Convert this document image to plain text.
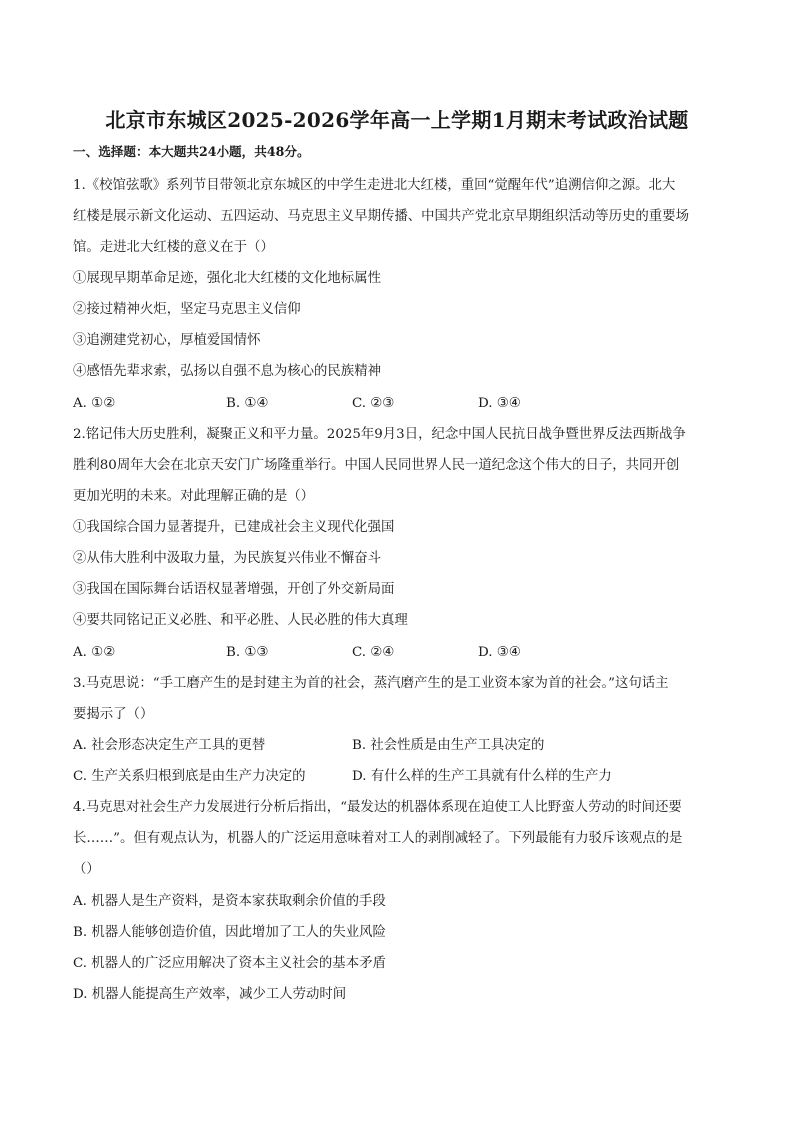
北京市东城区2025-2026学年高一上学期1月期末考试政治试题
一、选择题：本大题共24小题，共48分。
1.《校馆弦歌》系列节目带领北京东城区的中学生走进北大红楼，重回“觉醒年代”追溯信仰之源。北大
红楼是展示新文化运动、五四运动、马克思主义早期传播、中国共产党北京早期组织活动等历史的重要场
馆。走进北大红楼的意义在于（）
①展现早期革命足迹，强化北大红楼的文化地标属性
②接过精神火炬，坚定马克思主义信仰
③追溯建党初心，厚植爱国情怀
④感悟先辈求索，弘扬以自强不息为核心的民族精神
A. ①②	B. ①④	C. ②③	D. ③④
2.铭记伟大历史胜利，凝聚正义和平力量。2025年9月3日，纪念中国人民抗日战争暨世界反法西斯战争
胜利80周年大会在北京天安门广场隆重举行。中国人民同世界人民一道纪念这个伟大的日子，共同开创
更加光明的未来。对此理解正确的是（）
①我国综合国力显著提升，已建成社会主义现代化强国
②从伟大胜利中汲取力量，为民族复兴伟业不懈奋斗
③我国在国际舞台话语权显著增强，开创了外交新局面
④要共同铭记正义必胜、和平必胜、人民必胜的伟大真理
A. ①②	B. ①③	C. ②④	D. ③④
3.马克思说：“手工磨产生的是封建主为首的社会，蒸汽磨产生的是工业资本家为首的社会。”这句话主
要揭示了（）
A. 社会形态决定生产工具的更替	B. 社会性质是由生产工具决定的
C. 生产关系归根到底是由生产力决定的	D. 有什么样的生产工具就有什么样的生产力
4.马克思对社会生产力发展进行分析后指出，“最发达的机器体系现在迫使工人比野蛮人劳动的时间还要
长……”。但有观点认为，机器人的广泛运用意味着对工人的剥削减轻了。下列最能有力驳斥该观点的是
（）
A. 机器人是生产资料，是资本家获取剩余价值的手段
B. 机器人能够创造价值，因此增加了工人的失业风险
C. 机器人的广泛应用解决了资本主义社会的基本矛盾
D. 机器人能提高生产效率，减少工人劳动时间
